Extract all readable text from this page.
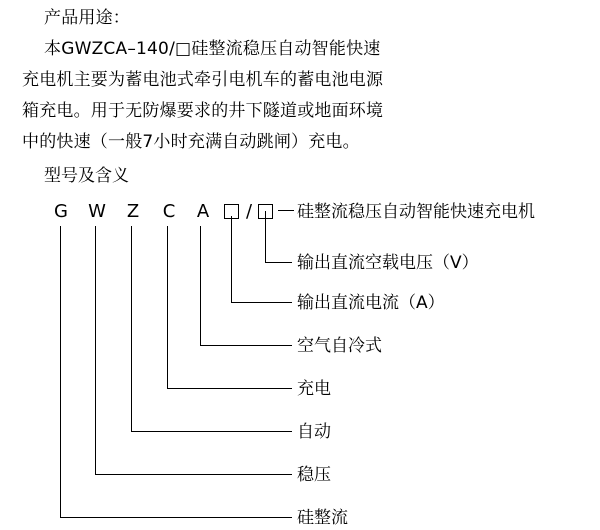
产品用途：
本GWZCA–140/□硅整流稳压自动智能快速
充电机主要为蓄电池式牵引电机车的蓄电池电源
箱充电。用于无防爆要求的井下隧道或地面环境
中的快速（一般7小时充满自动跳闸）充电。
型号及含义
G W Z C A /	硅整流稳压自动智能快速充电机
输出直流空载电压（V）
输出直流电流（A）
空气自冷式
充电
自动
稳压
硅整流
